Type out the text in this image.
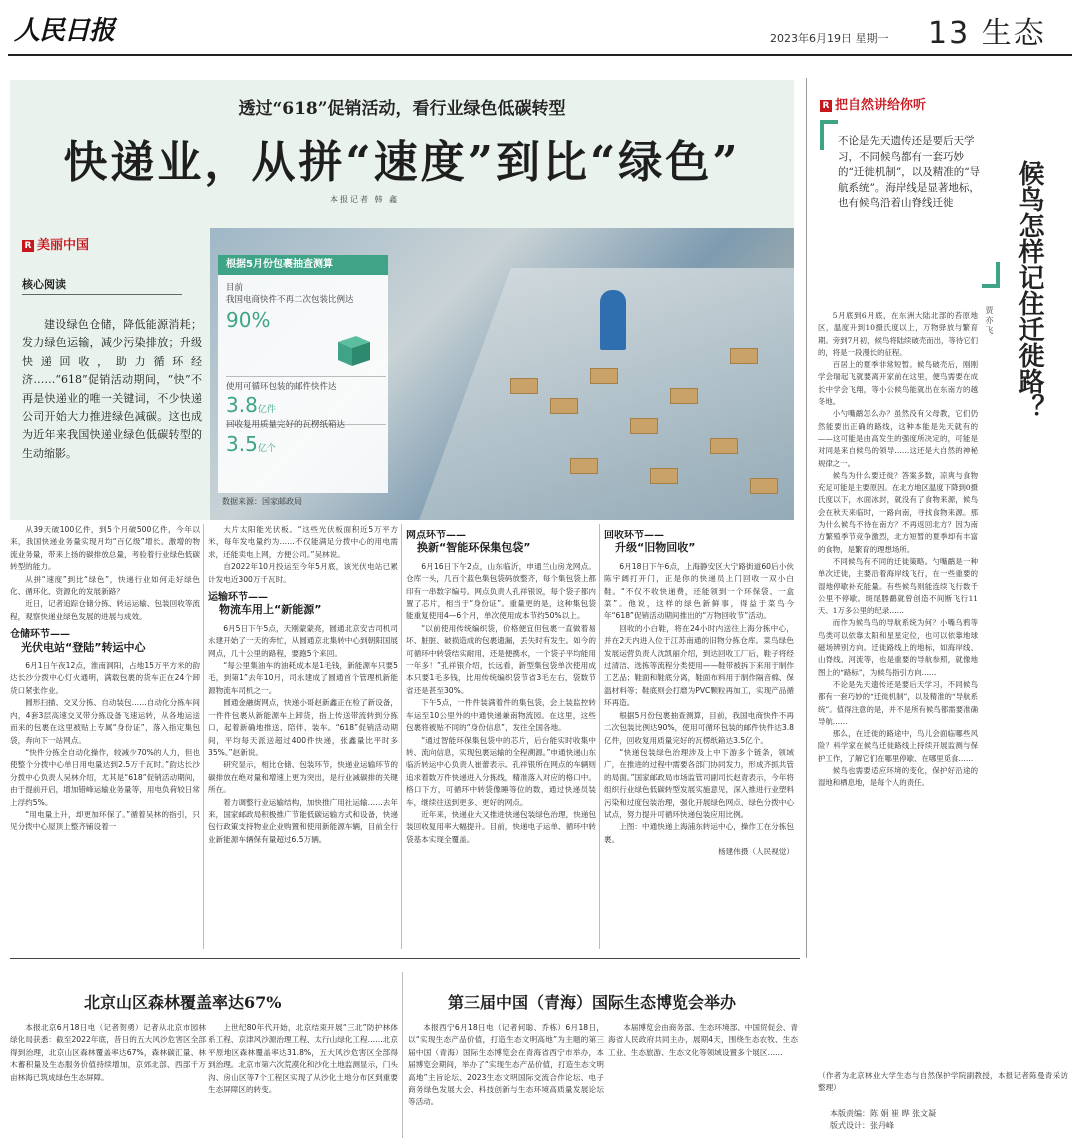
人民日报	2023年6月19日 星期一 13 生态
透过“618”促销活动，看行业绿色低碳转型
快递业，从拼“速度”到比“绿色”
本报记者 韩 鑫
R 美丽中国
核心阅读
建设绿色仓储，降低能源消耗；发力绿色运输，减少污染排放；升级快递回收，助力循环经济……“618”促销活动期间，“快”不再是快递业的唯一关键词，不少快递公司开始大力推进绿色减碳。这也成为近年来我国快递业绿色低碳转型的生动缩影。
根据5月份包裹抽查测算
目前
我国电商快件不再二次包装比例达
90%
使用可循环包装的邮件快件达
3.8亿件
回收复用质量完好的瓦楞纸箱达
3.5亿个
数据来源：国家邮政局

从39天破100亿件，到5个月破500亿件，今年以来，我国快递业务量实现月均“百亿级”增长。激增的物流业务量，带来上扬的碳排放总量，考验着行业绿色低碳转型的能力。

从拼“速度”到比“绿色”，快递行业如何走好绿色化、循环化、资源化的发展新路？

近日，记者追踪仓储分拣、转运运输、包装回收等流程，观察快递业绿色发展的进展与成效。

仓储环节——
光伏电站“登陆”转运中心

6月1日午夜12点，淮南洞阳，占地15万平方米的韵达长沙分拨中心灯火通明，满载包裹的货车正在24个卸货口紧张作业。

圆形扫描、交叉分拣、自动装包……自动化分拣车间内，4套3层高速交叉带分拣设备飞速运转，从各地运送而来的包裹在这里被贴上专属“身份证”，落入指定集包袋，奔向下一站网点。

“快件分拣全自动化操作，较减少70%的人力，但也使整个分拨中心单日用电量达到2.5万千瓦时。”韵达长沙分拨中心负责人吴林介绍，尤其是“618”促销活动期间，由于提前开启，增加错峰运输业务量等，用电负荷较日常上浮约5%。

“用电量上升，却更加环保了。”循着吴林的指引，只见分拨中心屋顶上整齐铺设着一

大片太阳能光伏板。“这些光伏板面积近5万平方米，每年发电量约为……不仅能满足分拨中心的用电需求，还能卖电上网，方便公司。”吴林说。

自2022年10月投运至今年5月底，该光伏电站已累计发电近300万千瓦时。

运输环节——
物流车用上“新能源”

6月5日下午5点，天刚蒙蒙亮，圆通北京安吉司机司永建开始了一天的奔忙，从圆通京北集转中心到朝阳国展网点，几十公里的路程，要跑5个来回。

“每公里集油车的油耗成本是1毛钱，新能源车只要5毛，到第1”去年10月，司永建成了圆通首个管理机新能源物流车司机之一。

圆通金融街网点，快递小哥赵新鑫正在检了新设备，一件件包裹从新能源车上卸货，指上传送带流转到分拣口，起着新确地推送、陪伴、装车。“618”促销活动期间，平均每天派送超过400件快递，张鑫量比平时多35%。”赵新说。

研究显示，相比仓储、包装环节，快递业运输环节的碳排放在绝对量和增速上更为突出，是行业减碳排的关键所在。

着力调整行业运输结构，加快推广用社运输……去年来，国家邮政局积极推广节能低碳运输方式和设备，快递包行政策支持物业企业购置和使用新能源车辆，目前全行业新能源车辆保有量超过6.5万辆。

网点环节——
换新“智能环保集包袋”

6月16日下午2点，山东临沂，申通兰山房龙网点。仓库一头，几百个蓝色集包袋码放整齐，每个集包袋上都印有一串数字编号。网点负责人孔祥银说，每个袋子都内置了芯片，相当于“身份证”。重量更的是，这种集包袋能重复使用4—6个月，单次使用成本节约50%以上。

“以前使用传统编织袋，价格便宜但包裹一直做着易坏、脏脏、破损造成的包裹遗漏，丢失时有发生。如今的可循环中转袋结实耐用，还是便携水，一个袋子平均能用一年多！”孔祥银介绍，长远看，新型集包袋单次使用成本只要1毛多钱，比用传统编织袋节省3毛左右，袋数节省还是甚至30%。

下午5点，一件件装满着件的集包袋，会上装监控转车运至10公里外的中通快递兼南物流园。在这里，这些包裹将被贴不同的“身份信息”，发往全国各地。

“通过智能环保集包袋中的芯片，后台能实时收集中转、流向信息，实现包裹运输的全程溯源。”申通快递山东临沂转运中心负责人崔蕾表示。孔祥银所在网点的车辆则追求着数万件快递进入分拣线，精准落入对应的格口中。格口下方，可循环中转袋像睡等位的数，通过快递员装车，继续往送到更多、更好的网点。

近年来，快递业大又推进快递包装绿色治理，快递包装回收复用率大幅提升。目前，快递电子运单、循环中转袋基本实现全覆盖。

回收环节——
升级“旧物回收”

6月18日下午6点，上海静安区大宁路街道60后小伙陈宇阔打开门，正是你的快递员上门回收一双小白鞋。“不仅不收快递费，还能领到一个环保袋、一盒菜”。他说，这样的绿色新鲜事，得益于菜鸟今年“618”促销活动期间推出的“万物回收节”活动。

回收的小白鞋，将在24小时内送往上海分拣中心，并在2天内进入位于江苏南通的旧物分拣仓库。菜鸟绿色发展运营负责人沈凯丽介绍，到达回收工厂后，鞋子将经过清洁、选拣等流程分类使用——鞋带被拆下来用于制作工艺品；鞋面和鞋底分离，鞋面布料用于制作隔音棉、保温材料等；鞋底则会打磨为PVC颗粒再加工，实现产品循环再造。

根据5月份包裹抽查测算，目前，我国电商快件不再二次包装比例达90%，使用可循环包装的邮件快件达3.8亿件，回收复用质量完好的瓦楞纸箱达3.5亿个。

“快递包装绿色治理涉及上中下游多个链条，领域广，在推进的过程中需要各部门协同发力，形成齐抓共管的局面。”国家邮政局市场监管司副司长赵青表示，今年将组织行业绿色低碳转型发展实施意见，深入推进行业塑料污染和过度包装治理，强化开展绿色网点、绿色分拨中心试点，努力提升可循环快递包装应用比例。

上图：中通快递上海浦东转运中心，操作工在分拣包裹。

杨建伟摄（人民视觉）
R 把自然讲给你听
不论是先天遗传还是要后天学习，不同候鸟都有一套巧妙的“迁徙机制”，以及精准的“导航系统”。海岸线是显著地标，也有候鸟沿着山脊线迁徙	候鸟怎样记住迁徙路？
贾亦飞

5月底到6月底，在东洲大陆北部的苔原地区，温度升到10摄氏度以上，万物驿放与繁育期。旁到7月初，候鸟将陆续破壳而出，等待它们的，将是一段漫长的征程。

百居上的夏季非常短暂。候鸟破壳后，刚刚学会瑞起飞就要离开家前在这里，便鸟需要在成长中学会飞翔，等小公候鸟能就出在东南方的越冬地。

小勺嘴鹬怎么办？虽然没有父母教，它们仍然能要出正确的路线，这种本能是先天就有的——这可能是由高发生的强度所决定的，可能是对同是来自候鸟的领导……这还是大自然的神秘规律之一。

候鸟为什么要迁徙？答案多数，凉爽与食物充足可能是主要原因。在北方地区温度下降到0摄氏度以下，水面冰封，就没有了食物来源，候鸟会在秋天来临时，一路向南，寻找食物来源。那为什么候鸟不待在南方？不再返回北方？因为南方繁殖季节竞争激烈，北方短暂的夏季却有丰富的食物，是繁育的理想场所。

不同候鸟有不同的迁徙策略。勺嘴鹬是一种单次迁徙，主要沿着海岸线飞行，在一些重要的湿地停歇补充能量。有些候鸟则能连续飞行数千公里不停歇。斑尾塍鹬就曾创造不间断飞行11天、1万多公里的纪录……

而作为候鸟鸟的导航系统为何？小嘴乌鸦等鸟类可以依靠太阳和星星定位，也可以依靠地球磁场辨别方向。迁徙路线上的地标，如海岸线、山脊线、河流等，也是重要的导航参照，就像地图上的“路标”，为候鸟指引方向……

不论是先天遗传还是要后天学习，不同候鸟都有一套巧妙的“迁徙机制”，以及精准的“导航系统”。值得注意的是，并不是所有候鸟都需要准确导航……

那么，在迁徙的路途中，鸟儿会面临哪些风险？科学家在候鸟迁徙路线上持续开展监测与保护工作，了解它们在哪里停歇、在哪里觅食……

候鸟也需要适应环境的变化，保护好沿途的湿地和栖息地，是每个人的责任。

（作者为北京林业大学生态与自然保护学院副教授，本报记者陈曼青采访整理）
北京山区森林覆盖率达67%

本报北京6月18日电（记者贺勇）记者从北京市园林绿化局获悉：截至2022年底，昔日的五大风沙危害区全部得到治理，北京山区森林覆盖率达67%，森林碳汇量、林木蓄积量及生态服务价值持续增加，京郊北部、西部千万亩林海已筑成绿色生态屏障。

上世纪80年代开始，北京结束开展“三北”防护林体系工程、京津风沙源治理工程、太行山绿化工程……北京平原地区森林覆盖率达31.8%，五大风沙危害区全部得到治理。北京市第六次荒漠化和沙化土地监测显示，门头沟、房山区等7个工程区实现了从沙化土地分布区到重要生态屏障区的转变。

第三届中国（青海）国际生态博览会举办

本报西宁6月18日电（记者何聪、乔栋）6月18日，以“实现生态产品价值，打造生态文明高地”为主题的第三届中国（青海）国际生态博览会在青海省西宁市举办，本届博览会期间，举办了“实现生态产品价值，打造生态文明高地”主旨论坛、2023生态文明国际交流合作论坛、电子商务绿色发展大会、科技创新与生态环境高质量发展论坛等活动。

本届博览会由商务部、生态环境部、中国贸促会、青海省人民政府共同主办，展期4天，围绕生态农牧、生态工业、生态旅游、生态文化等领域设置多个展区……

本版责编：陈 娟 崔 晔 张文凝
版式设计：张丹峰
